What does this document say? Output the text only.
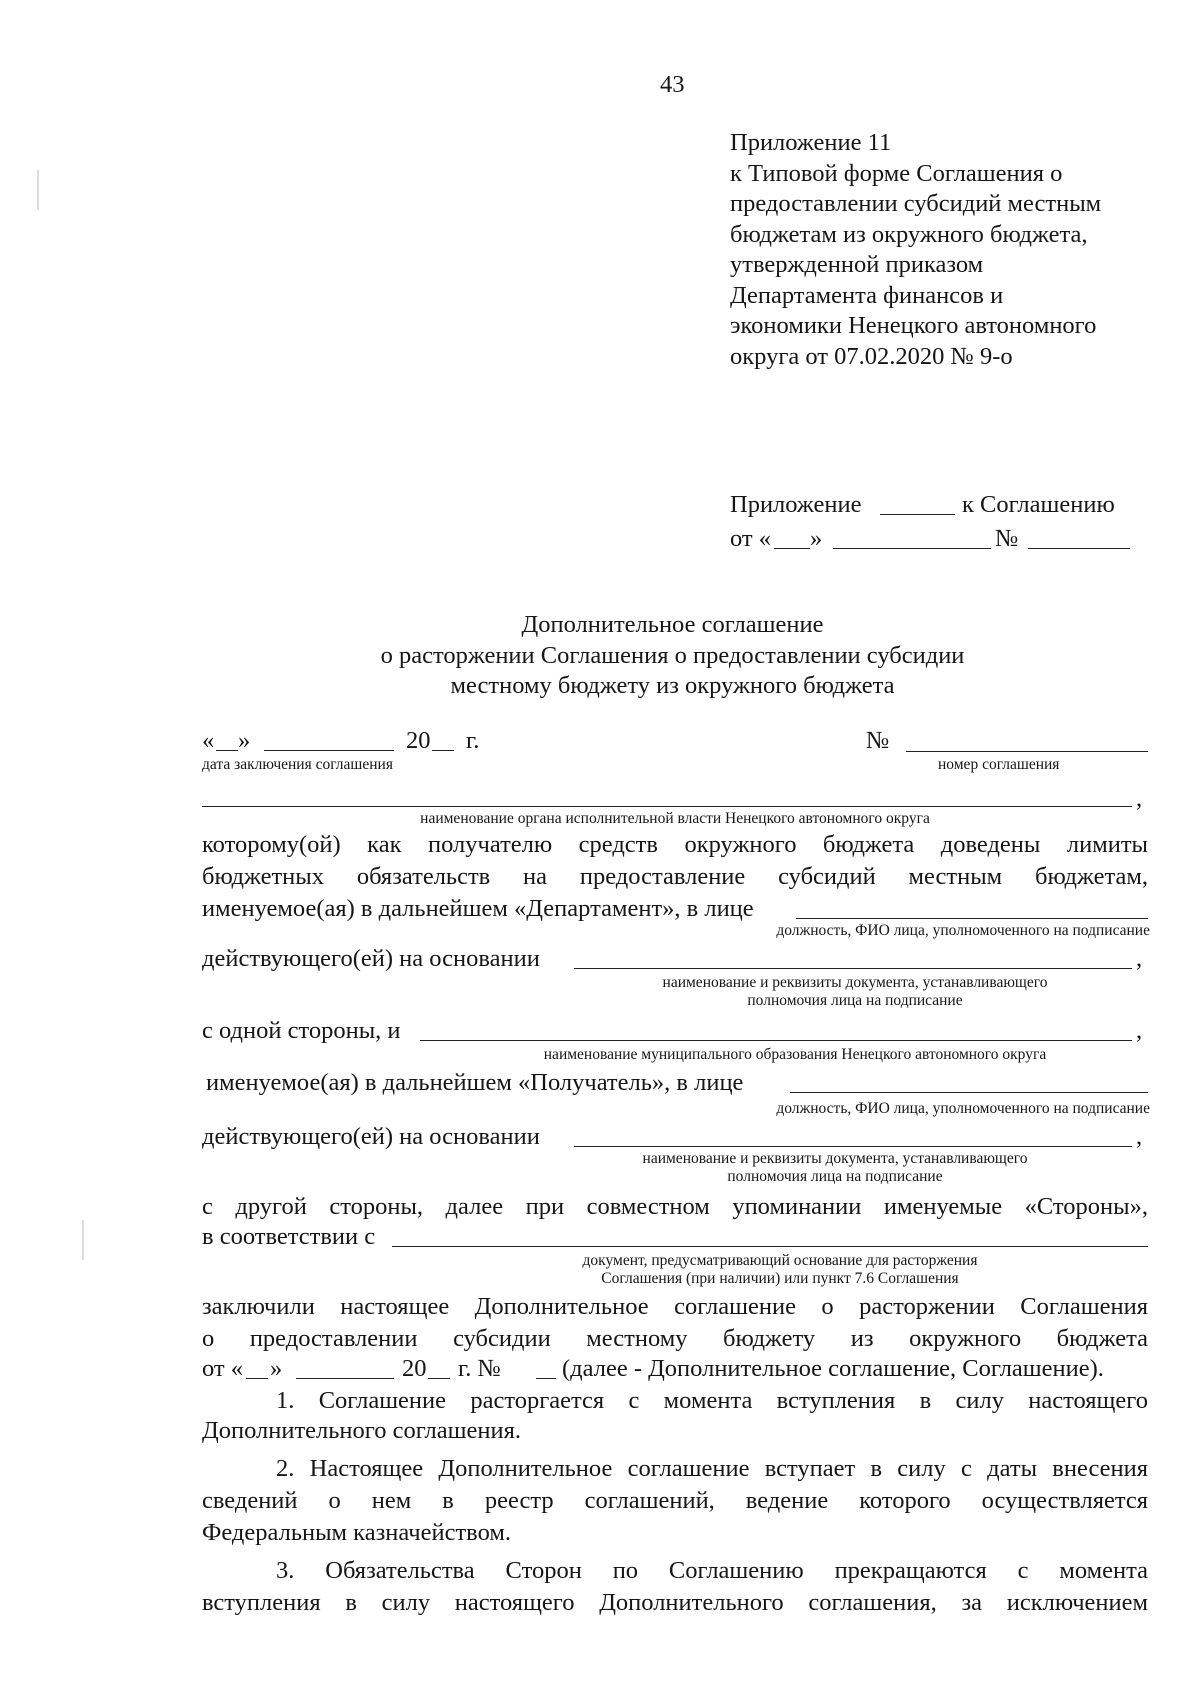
43
Приложение 11
к Типовой форме Соглашения о
предоставлении субсидий местным
бюджетам из окружного бюджета,
утвержденной приказом
Департамента финансов и
экономики Ненецкого автономного
округа от 07.02.2020 № 9-о
Приложение	к Соглашению
от « »	№
Дополнительное соглашение
о расторжении Соглашения о предоставлении субсидии
местному бюджету из окружного бюджета
« »	20 г.
дата заключения соглашения
№
номер соглашения
,
наименование органа исполнительной власти Ненецкого автономного округа
которому(ой) как получателю средств окружного бюджета доведены лимиты
бюджетных обязательств на предоставление субсидий местным бюджетам,
именуемое(ая) в дальнейшем «Департамент», в лице
должность, ФИО лица, уполномоченного на подписание
действующего(ей) на основании	,
наименование и реквизиты документа, устанавливающего
полномочия лица на подписание
с одной стороны, и	,
наименование муниципального образования Ненецкого автономного округа
именуемое(ая) в дальнейшем «Получатель», в лице
должность, ФИО лица, уполномоченного на подписание
действующего(ей) на основании	,
наименование и реквизиты документа, устанавливающего
полномочия лица на подписание
с другой стороны, далее при совместном упоминании именуемые «Стороны»,
в соответствии с
документ, предусматривающий основание для расторжения
Соглашения (при наличии) или пункт 7.6 Соглашения
заключили настоящее Дополнительное соглашение о расторжении Соглашения
о предоставлении субсидии местному бюджету из окружного бюджета
от « »	20 г. № (далее - Дополнительное соглашение, Соглашение).
1. Соглашение расторгается с момента вступления в силу настоящего
Дополнительного соглашения.
2. Настоящее Дополнительное соглашение вступает в силу с даты внесения
сведений о нем в реестр соглашений, ведение которого осуществляется
Федеральным казначейством.
3. Обязательства Сторон по Соглашению прекращаются с момента
вступления в силу настоящего Дополнительного соглашения, за исключением
